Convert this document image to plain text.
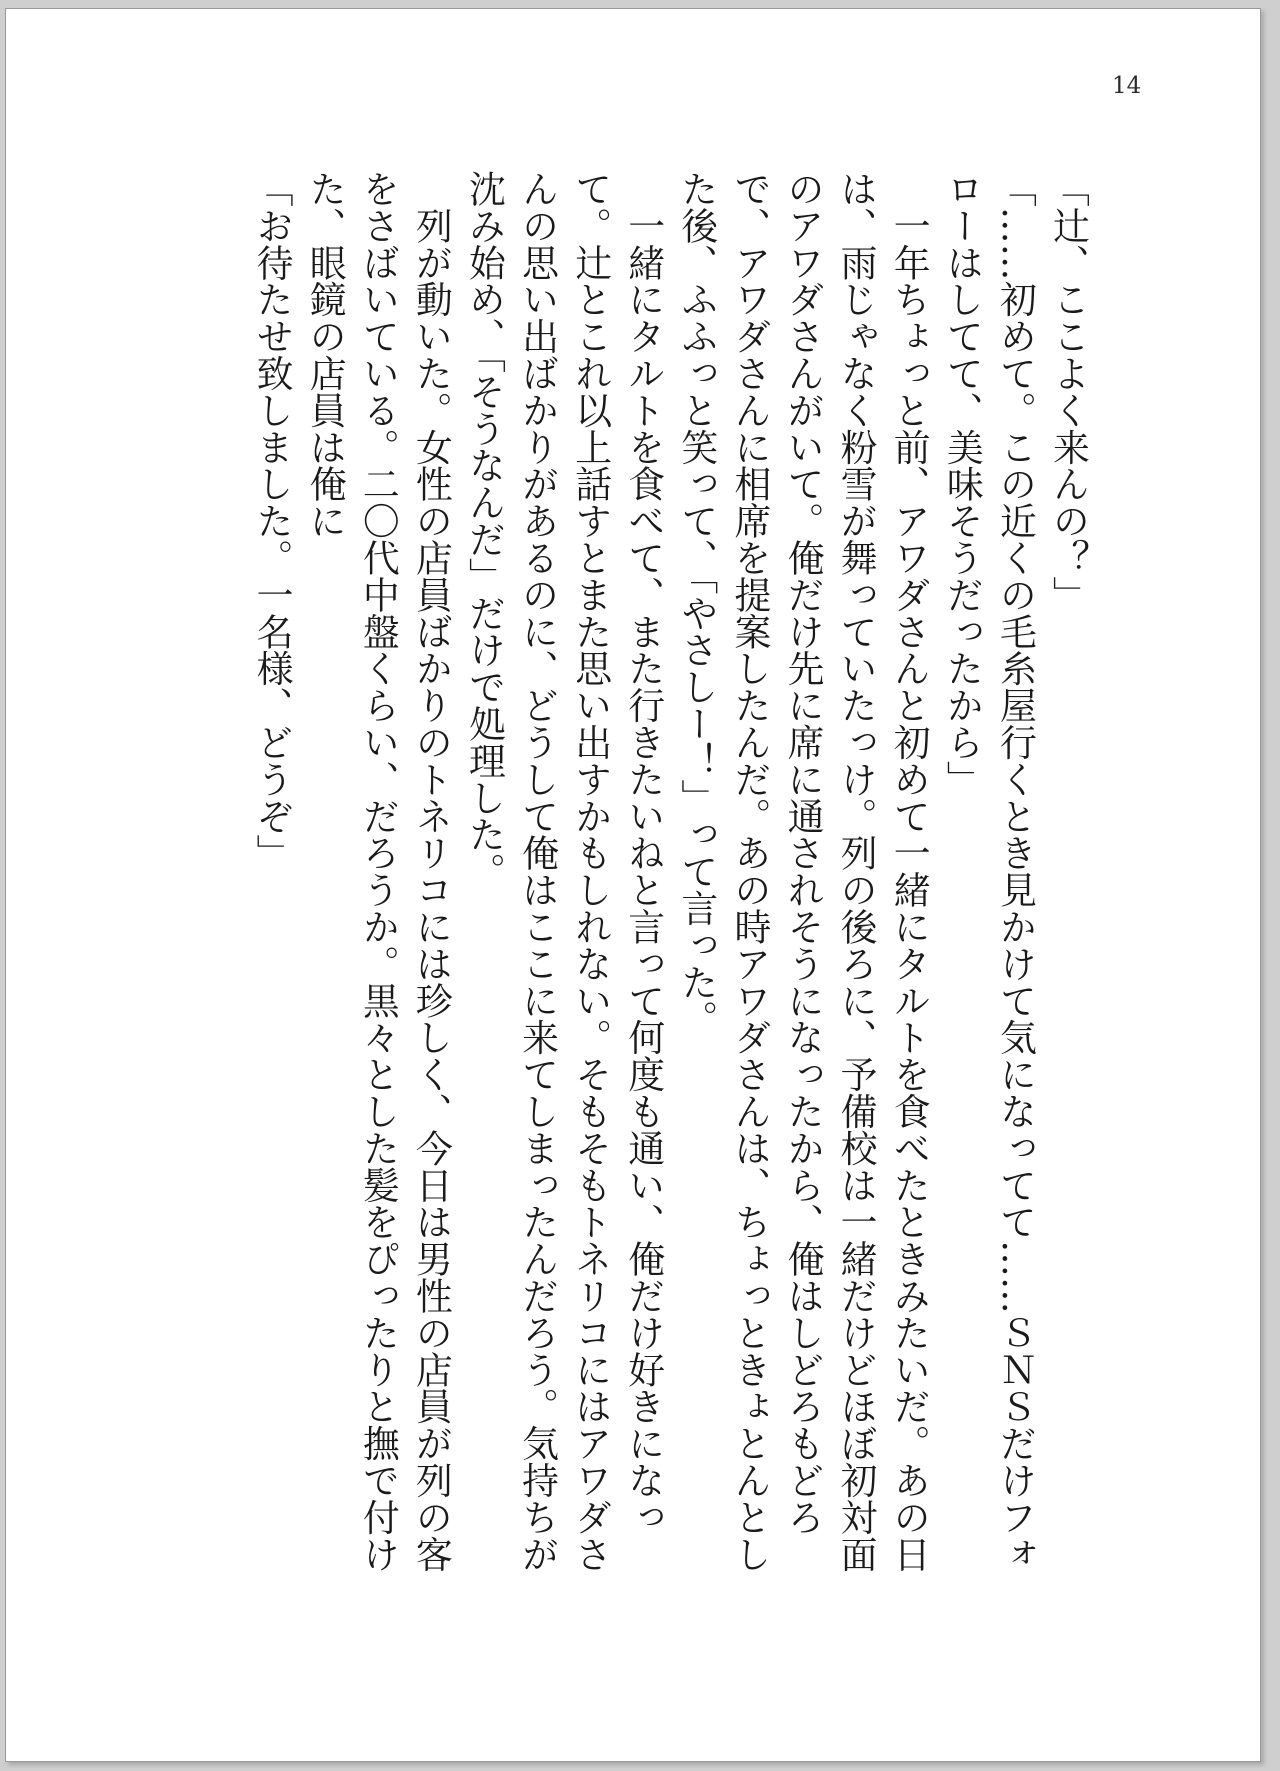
14
「辻、ここよく来んの？」
「……初めて。この近くの毛糸屋行くとき見かけて気になってて……ＳＮＳだけフォ
ローはしてて、美味そうだったから」
　一年ちょっと前、アワダさんと初めて一緒にタルトを食べたときみたいだ。あの日
は、雨じゃなく粉雪が舞っていたっけ。列の後ろに、予備校は一緒だけどほぼ初対面
のアワダさんがいて。俺だけ先に席に通されそうになったから、俺はしどろもどろ
で、アワダさんに相席を提案したんだ。あの時アワダさんは、ちょっときょとんとし
た後、ふふっと笑って、「やさしー！」って言った。
　一緒にタルトを食べて、また行きたいねと言って何度も通い、俺だけ好きになっ
て。辻とこれ以上話すとまた思い出すかもしれない。そもそもトネリコにはアワダさ
んの思い出ばかりがあるのに、どうして俺はここに来てしまったんだろう。気持ちが
沈み始め、「そうなんだ」だけで処理した。
　列が動いた。女性の店員ばかりのトネリコには珍しく、今日は男性の店員が列の客
をさばいている。二〇代中盤くらい、だろうか。黒々とした髪をぴったりと撫で付け
た、眼鏡の店員は俺に
「お待たせ致しました。一名様、どうぞ」
